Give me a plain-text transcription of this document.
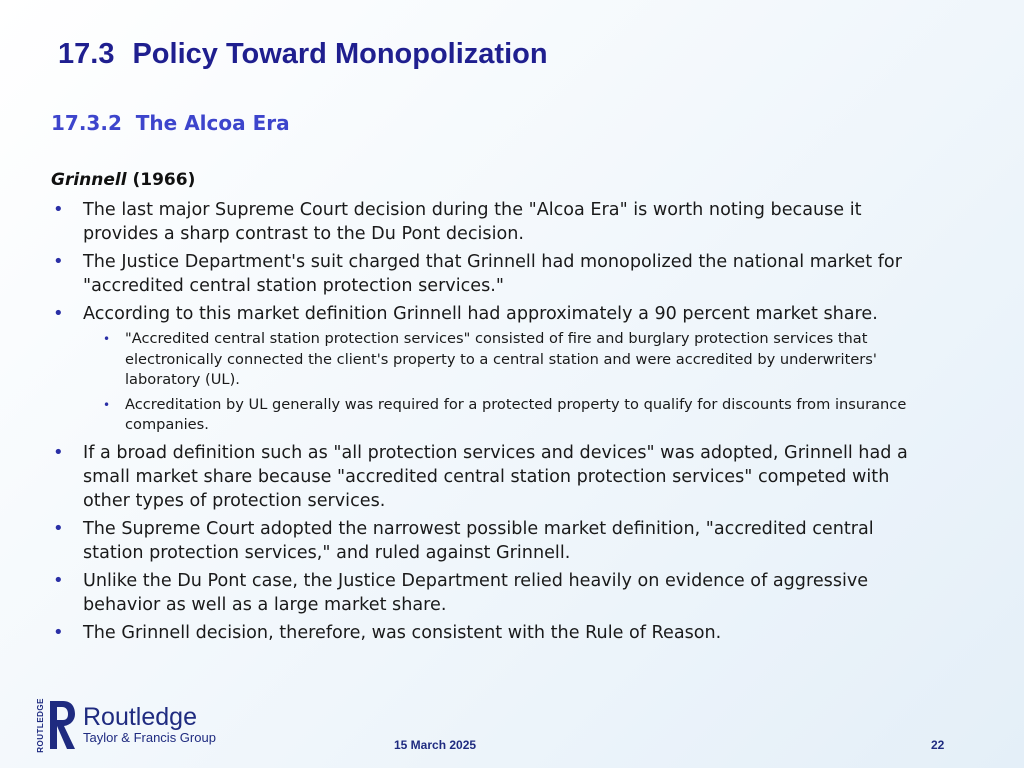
17.3 Policy Toward Monopolization
17.3.2  The Alcoa Era
Grinnell (1966)
• The last major Supreme Court decision during the "Alcoa Era" is worth noting because it provides a sharp contrast to the Du Pont decision.
• The Justice Department's suit charged that Grinnell had monopolized the national market for "accredited central station protection services."
• According to this market definition Grinnell had approximately a 90 percent market share.
• "Accredited central station protection services" consisted of fire and burglary protection services that electronically connected the client's property to a central station and were accredited by underwriters' laboratory (UL).
• Accreditation by UL generally was required for a protected property to qualify for discounts from insurance companies.
• If a broad definition such as "all protection services and devices" was adopted, Grinnell had a small market share because "accredited central station protection services" competed with other types of protection services.
• The Supreme Court adopted the narrowest possible market definition, "accredited central station protection services," and ruled against Grinnell.
• Unlike the Du Pont case, the Justice Department relied heavily on evidence of aggressive behavior as well as a large market share.
• The Grinnell decision, therefore, was consistent with the Rule of Reason.
ROUTLEDGE Routledge
Taylor & Francis Group	15 March 2025	22
